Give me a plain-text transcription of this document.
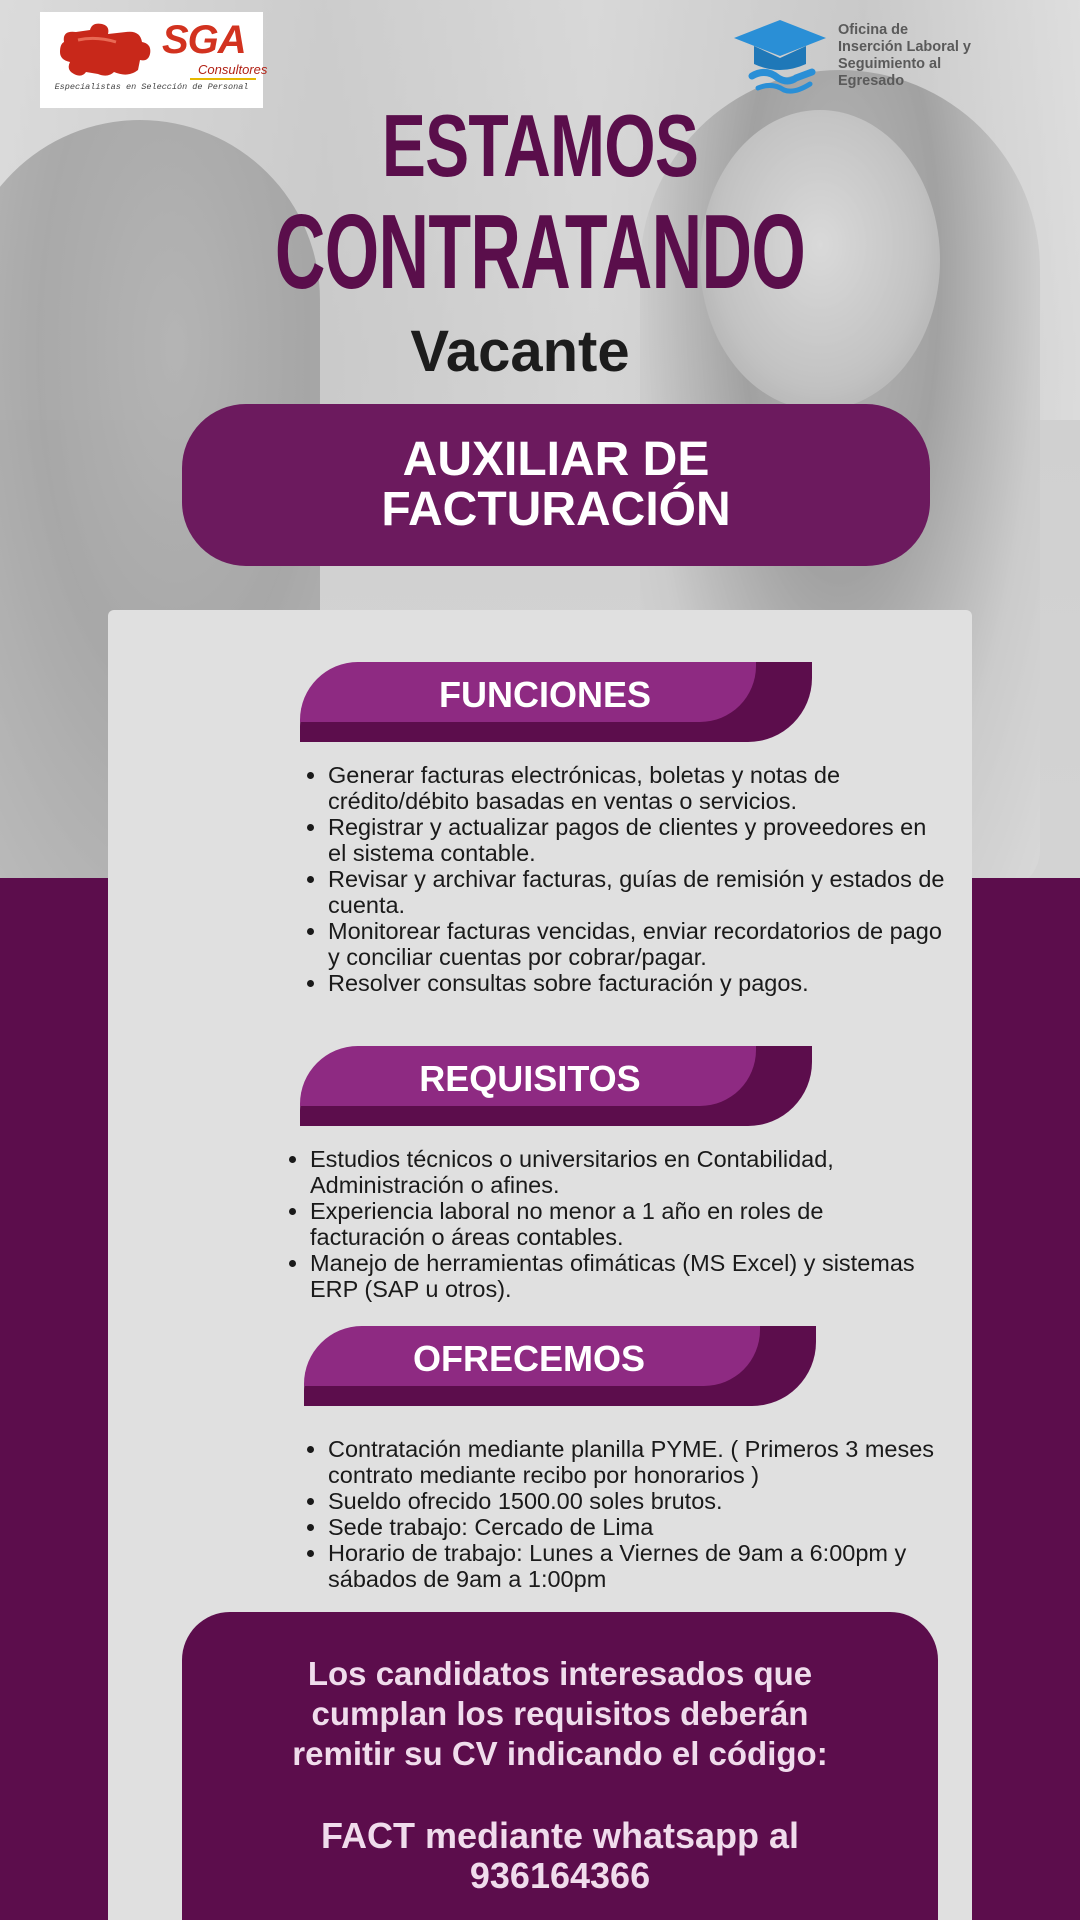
SGA
Consultores
Especialistas en Selección de Personal
Oficina de
Inserción Laboral y
Seguimiento al
Egresado
ESTAMOS
CONTRATANDO
Vacante
AUXILIAR DE
FACTURACIÓN
FUNCIONES
• Generar facturas electrónicas, boletas y notas de crédito/débito basadas en ventas o servicios.
• Registrar y actualizar pagos de clientes y proveedores en el sistema contable.
• Revisar y archivar facturas, guías de remisión y estados de cuenta.
• Monitorear facturas vencidas, enviar recordatorios de pago y conciliar cuentas por cobrar/pagar.
• Resolver consultas sobre facturación y pagos.
REQUISITOS
• Estudios técnicos o universitarios en Contabilidad, Administración o afines.
• Experiencia laboral no menor a 1 año en roles de facturación o áreas contables.
• Manejo de herramientas ofimáticas (MS Excel) y sistemas ERP (SAP u otros).
OFRECEMOS
• Contratación mediante planilla PYME. ( Primeros 3 meses contrato mediante recibo por honorarios )
• Sueldo ofrecido 1500.00 soles brutos.
• Sede trabajo: Cercado de Lima
• Horario de trabajo: Lunes a Viernes de 9am a 6:00pm y sábados de 9am a 1:00pm
Los candidatos interesados que
cumplan los requisitos deberán
remitir su CV indicando el código:
FACT mediante whatsapp al
936164366
